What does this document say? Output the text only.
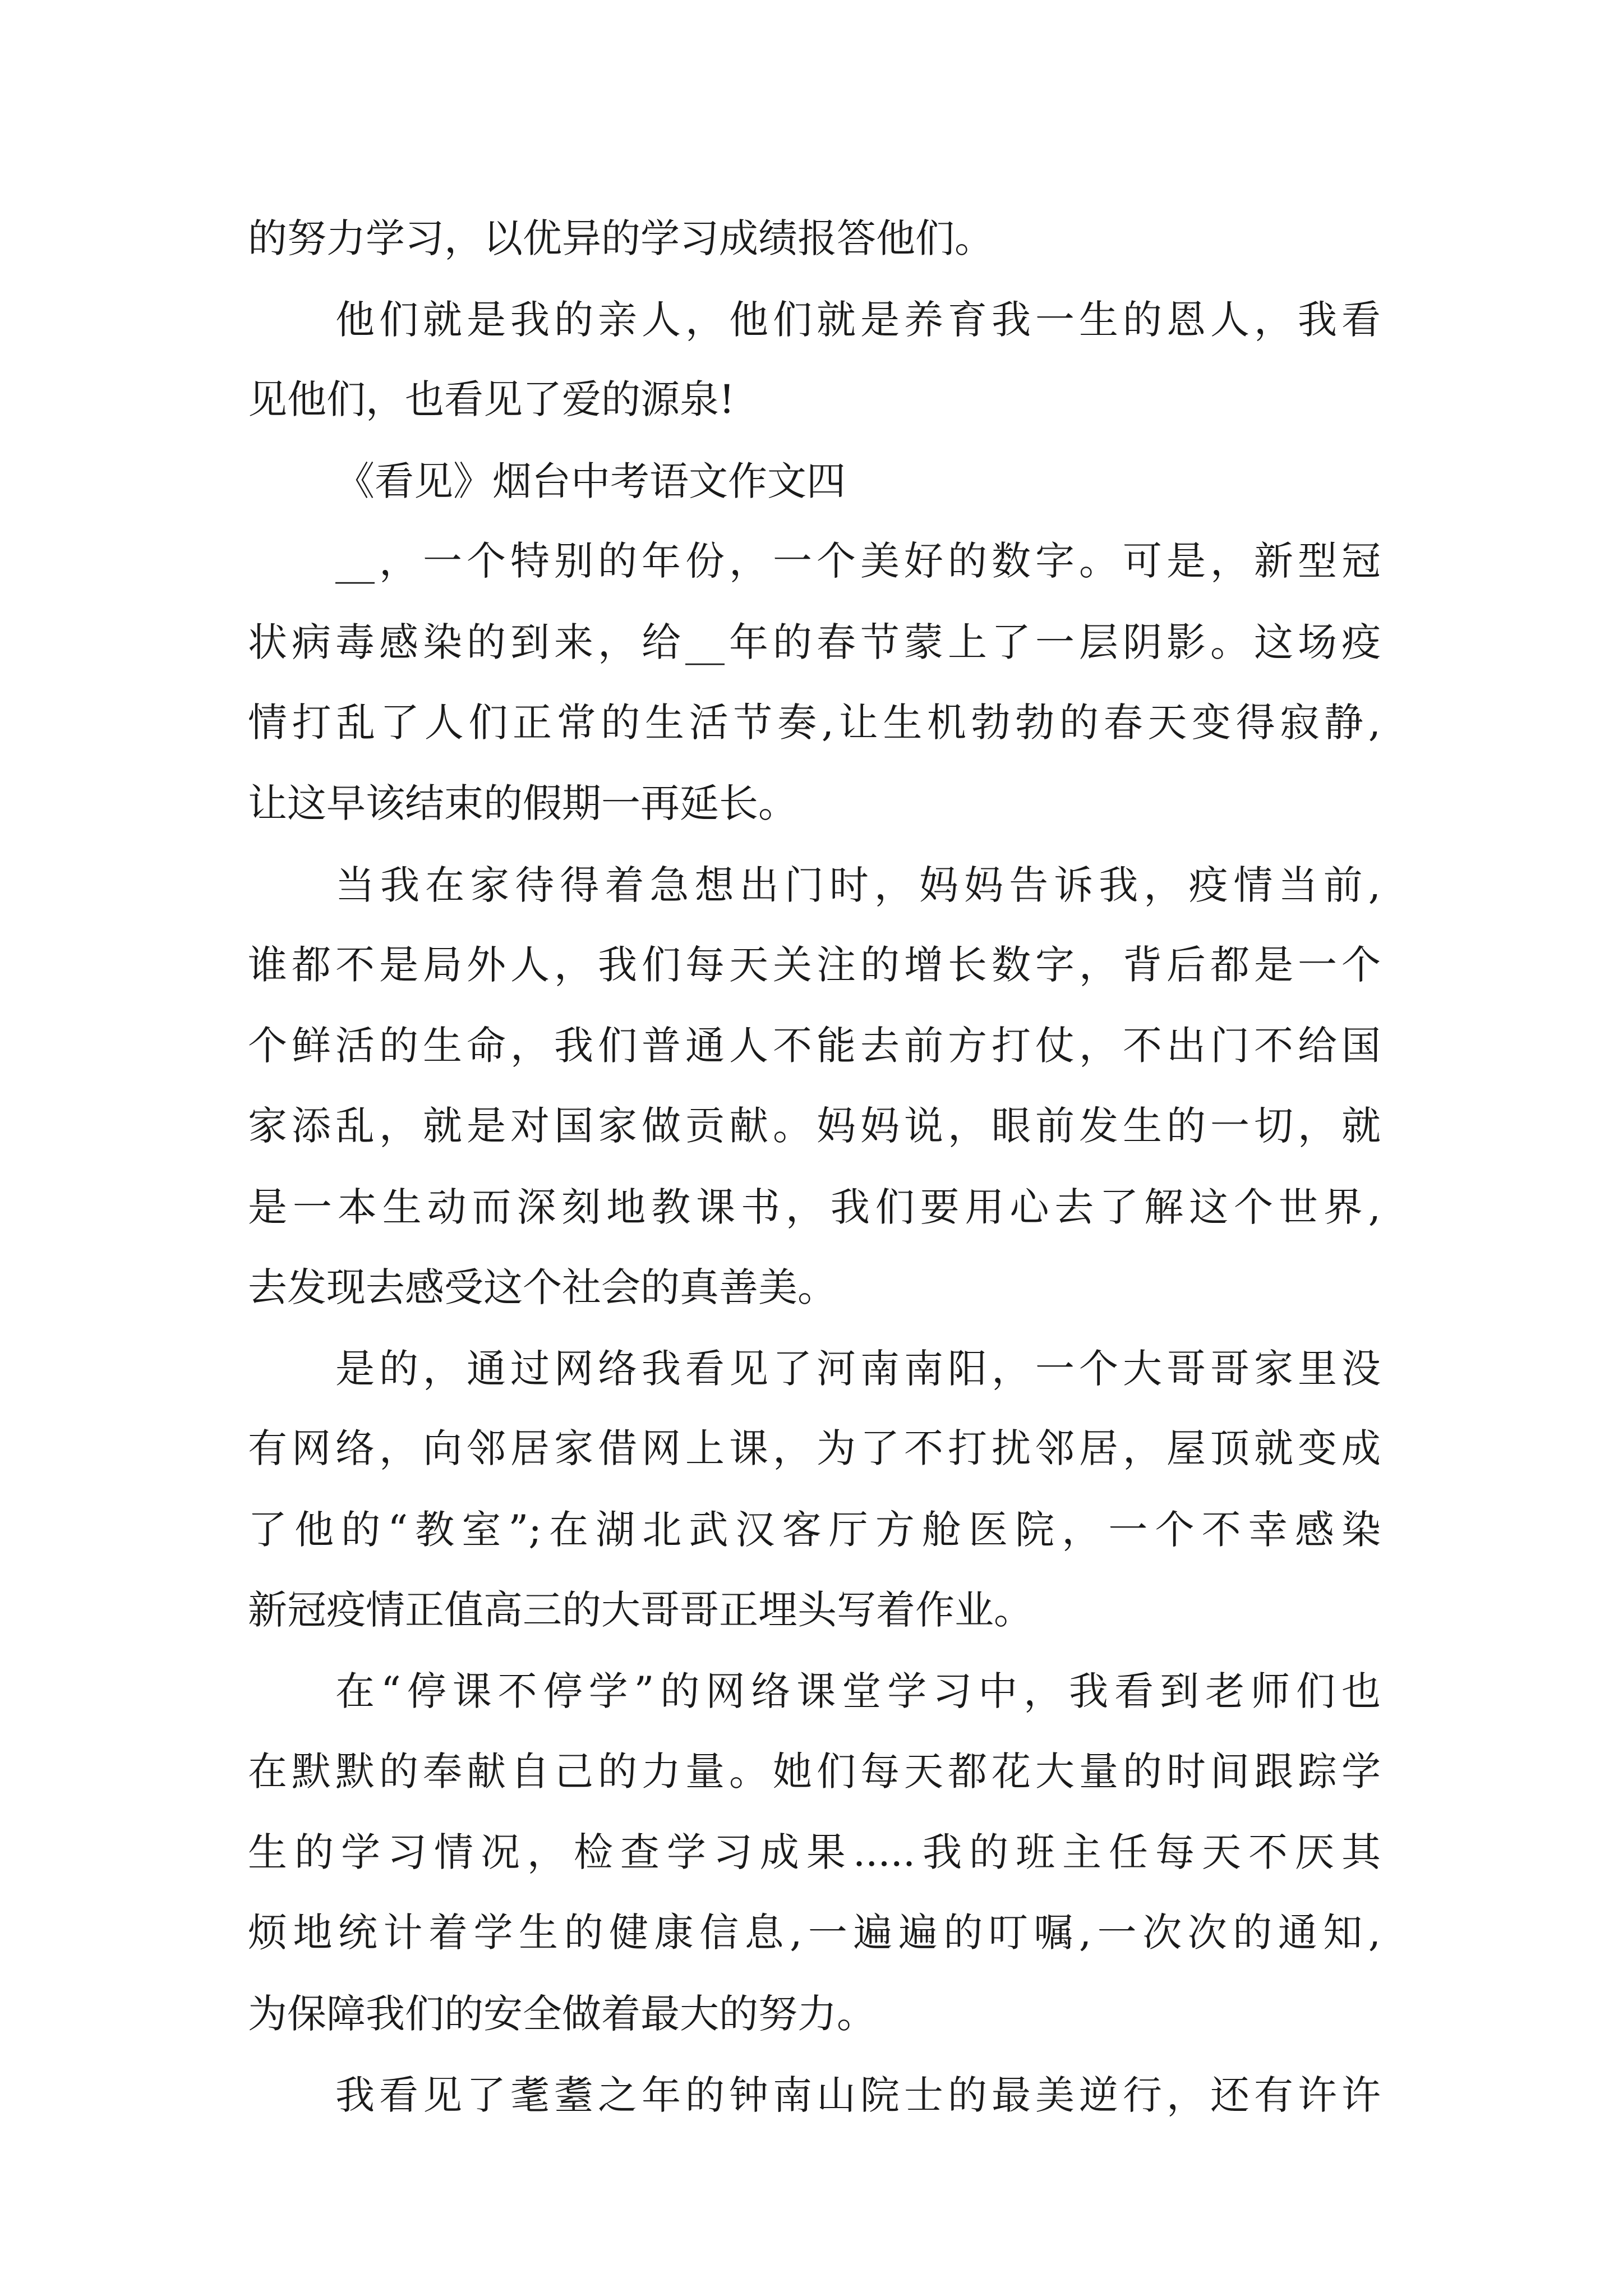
的努力学习，以优异的学习成绩报答他们。
他们就是我的亲人，他们就是养育我一生的恩人，我看
见他们，也看见了爱的源泉!
《看见》烟台中考语文作文四
__，一个特别的年份，一个美好的数字。可是，新型冠
状病毒感染的到来，给__年的春节蒙上了一层阴影。这场疫
情打乱了人们正常的生活节奏,让生机勃勃的春天变得寂静,
让这早该结束的假期一再延长。
当我在家待得着急想出门时，妈妈告诉我，疫情当前,
谁都不是局外人，我们每天关注的增长数字，背后都是一个
个鲜活的生命，我们普通人不能去前方打仗，不出门不给国
家添乱，就是对国家做贡献。妈妈说，眼前发生的一切，就
是一本生动而深刻地教课书，我们要用心去了解这个世界,
去发现去感受这个社会的真善美。
是的，通过网络我看见了河南南阳，一个大哥哥家里没
有网络，向邻居家借网上课，为了不打扰邻居，屋顶就变成
了他的“教室”;在湖北武汉客厅方舱医院，一个不幸感染
新冠疫情正值高三的大哥哥正埋头写着作业。
在“停课不停学”的网络课堂学习中，我看到老师们也
在默默的奉献自己的力量。她们每天都花大量的时间跟踪学
生的学习情况，检查学习成果.....我的班主任每天不厌其
烦地统计着学生的健康信息,一遍遍的叮嘱,一次次的通知,
为保障我们的安全做着最大的努力。
我看见了耄耋之年的钟南山院士的最美逆行，还有许许
